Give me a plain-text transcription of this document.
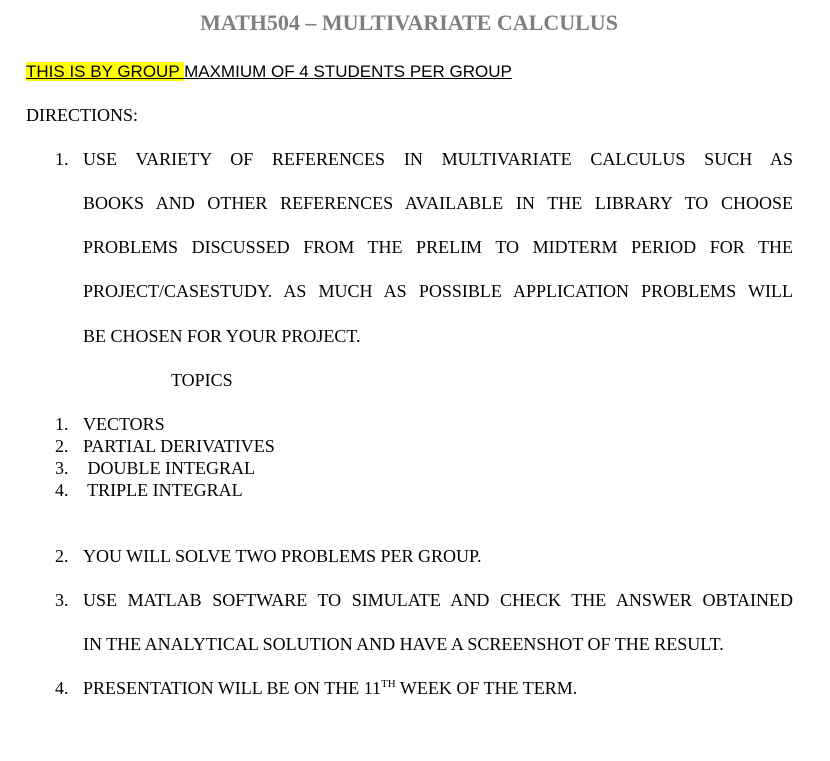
MATH504 – MULTIVARIATE CALCULUS
THIS IS BY GROUP MAXMIUM OF 4 STUDENTS PER GROUP
DIRECTIONS:
1. USE VARIETY OF REFERENCES IN MULTIVARIATE CALCULUS SUCH AS
BOOKS AND OTHER REFERENCES AVAILABLE IN THE LIBRARY TO CHOOSE
PROBLEMS DISCUSSED FROM THE PRELIM TO MIDTERM PERIOD FOR THE
PROJECT/CASESTUDY. AS MUCH AS POSSIBLE APPLICATION PROBLEMS WILL
BE CHOSEN FOR YOUR PROJECT.
TOPICS
1. VECTORS
2. PARTIAL DERIVATIVES
3. DOUBLE INTEGRAL
4. TRIPLE INTEGRAL
2. YOU WILL SOLVE TWO PROBLEMS PER GROUP.
3. USE MATLAB SOFTWARE TO SIMULATE AND CHECK THE ANSWER OBTAINED
IN THE ANALYTICAL SOLUTION AND HAVE A SCREENSHOT OF THE RESULT.
4. PRESENTATION WILL BE ON THE 11TH WEEK OF THE TERM.
